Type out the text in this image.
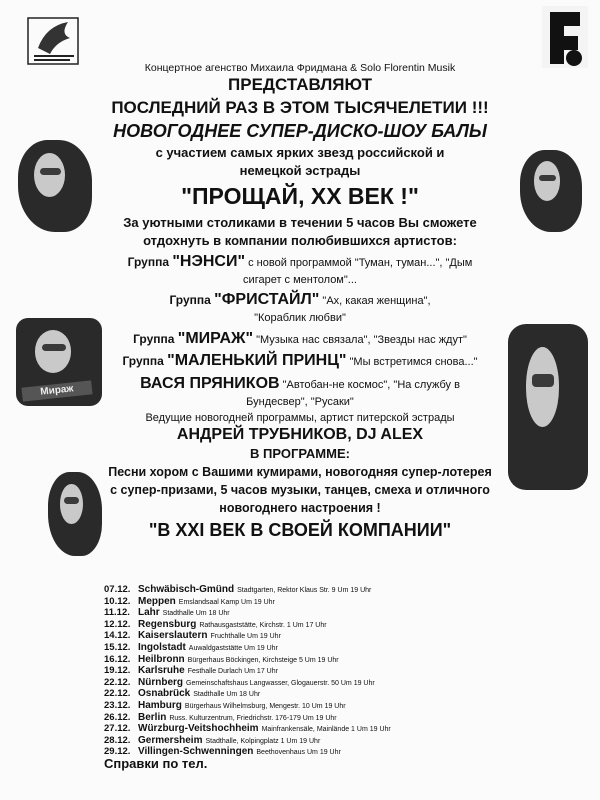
Мираж
Концертное агенство Михаила Фридмана & Solo Florentin Musik
ПРЕДСТАВЛЯЮТ
ПОСЛЕДНИЙ РАЗ В ЭТОМ ТЫСЯЧЕЛЕТИИ !!!
НОВОГОДНЕЕ СУПЕР-ДИСКО-ШОУ БАЛЫ
с участием самых ярких звезд российской и
немецкой эстрады
"ПРОЩАЙ, XX ВЕК !"
За уютными столиками в течении 5 часов Вы сможете
отдохнуть в компании полюбившихся артистов:
Группа "НЭНСИ" с новой программой "Туман, туман...", "Дым
сигарет с ментолом"...
Группа "ФРИСТАЙЛ" "Ах, какая женщина",
"Кораблик любви"
Группа "МИРАЖ" "Музыка нас связала", "Звезды нас ждут"
Группа "МАЛЕНЬКИЙ ПРИНЦ" "Мы встретимся снова..."
ВАСЯ ПРЯНИКОВ "Автобан-не космос", "На службу в
Бундесвер", "Русаки"
Ведущие новогодней программы, артист питерской эстрады
АНДРЕЙ ТРУБНИКОВ, DJ ALEX
В ПРОГРАММЕ:
Песни хором с Вашими кумирами, новогодняя супер-лотерея
с супер-призами, 5 часов музыки, танцев, смеха и отличного
новогоднего настроения !
"В XXI ВЕК В СВОЕЙ КОМПАНИИ"
07.12. Schwäbisch-Gmünd Stadtgarten, Rektor Klaus Str. 9 Um 19 Uhr
10.12. Meppen Emslandsaal Kamp Um 19 Uhr
11.12. Lahr Stadthalle Um 18 Uhr
12.12. Regensburg Rathausgaststätte, Kirchstr. 1 Um 17 Uhr
14.12. Kaiserslautern Fruchthalle Um 19 Uhr
15.12. Ingolstadt Auwaldgaststätte Um 19 Uhr
16.12. Heilbronn Bürgerhaus Böckingen, Kirchsteige 5 Um 19 Uhr
19.12. Karlsruhe Festhalle Durlach Um 17 Uhr
22.12. Nürnberg Gemeinschaftshaus Langwasser, Glogauerstr. 50 Um 19 Uhr
22.12. Osnabrück Stadthalle Um 18 Uhr
23.12. Hamburg Bürgerhaus Wilhelmsburg, Mengestr. 10 Um 19 Uhr
26.12. Berlin Russ. Kulturzentrum, Friedrichstr. 176-179 Um 19 Uhr
27.12. Würzburg-Veitshochheim Mainfrankensäle, Mainlände 1 Um 19 Uhr
28.12. Germersheim Stadthalle, Kolpingplatz 1 Um 19 Uhr
29.12. Villingen-Schwenningen Beethovenhaus Um 19 Uhr
Справки по тел.
